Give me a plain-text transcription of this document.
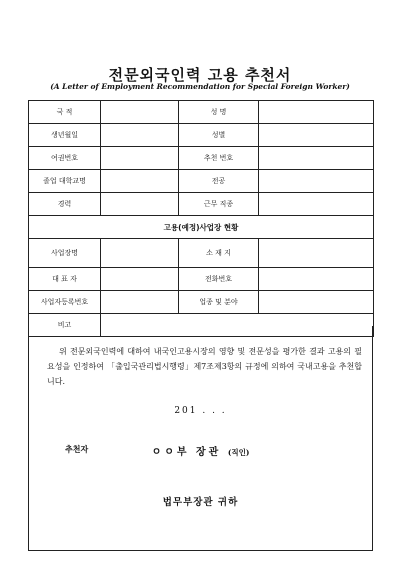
전문외국인력 고용 추천서
(A Letter of Employment Recommendation for Special Foreign Worker)
국 적		성 명	
생년월일		성별	
여권번호		추천 번호	
졸업 대학교명		전공	
경력		근무 직종	
고용(예정)사업장 현황			
사업장명		소 재 지	
대 표 자		전화번호	
사업자등록번호		업종 및 분야	
비고			
위 전문외국인력에 대하여 내국인고용시장의 영향 및 전문성을 평가한 결과 고용의 필요성을 인정하여 「출입국관리법시행령」제7조제3항의 규정에 의하여 국내고용을 추천합니다.
201 . . .
추천자	ㅇㅇ부 장관 (직인)
법무부장관 귀하
